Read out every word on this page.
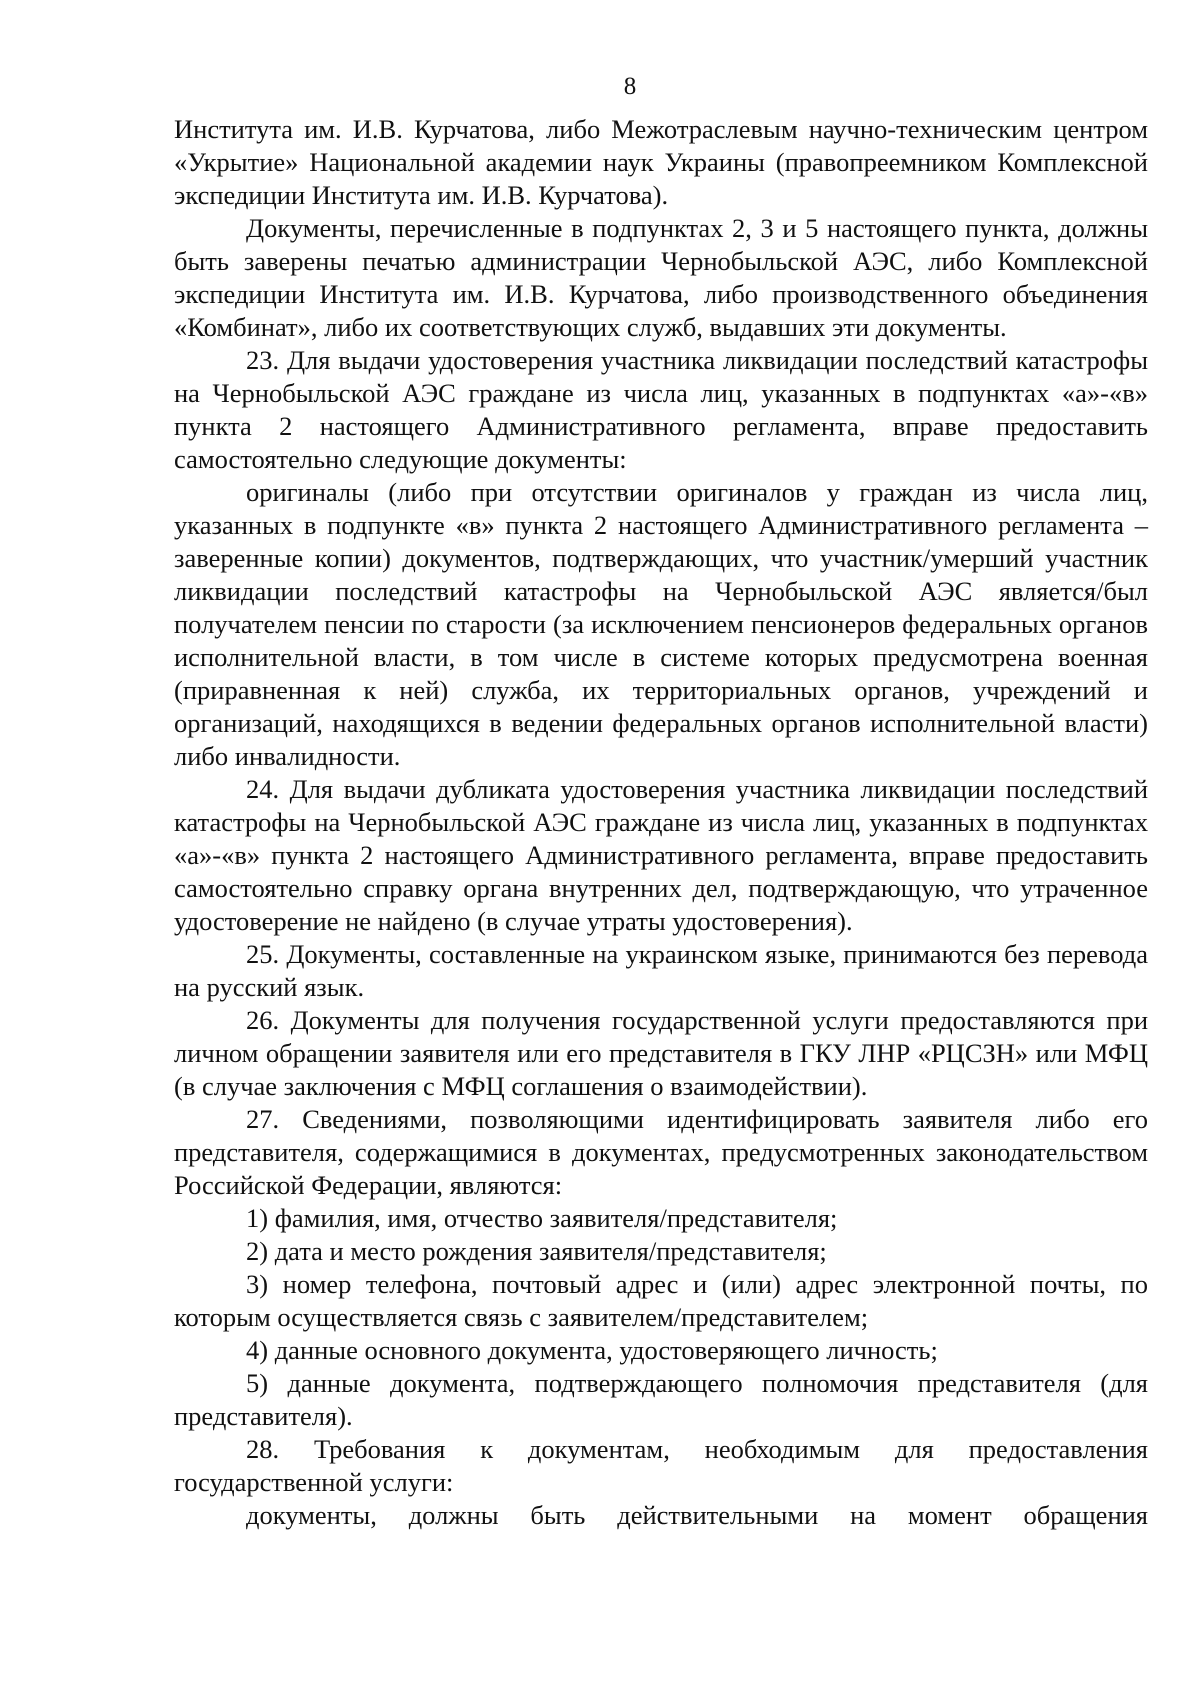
8

Института им. И.В. Курчатова, либо Межотраслевым научно-техническим центром «Укрытие» Национальной академии наук Украины (правопреемником Комплексной экспедиции Института им. И.В. Курчатова).

Документы, перечисленные в подпунктах 2, 3 и 5 настоящего пункта, должны быть заверены печатью администрации Чернобыльской АЭС, либо Комплексной экспедиции Института им. И.В. Курчатова, либо производственного объединения «Комбинат», либо их соответствующих служб, выдавших эти документы.

23. Для выдачи удостоверения участника ликвидации последствий катастрофы на Чернобыльской АЭС граждане из числа лиц, указанных в подпунктах «а»-«в» пункта 2 настоящего Административного регламента, вправе предоставить самостоятельно следующие документы:

оригиналы (либо при отсутствии оригиналов у граждан из числа лиц, указанных в подпункте «в» пункта 2 настоящего Административного регламента – заверенные копии) документов, подтверждающих, что участник/умерший участник ликвидации последствий катастрофы на Чернобыльской АЭС является/был получателем пенсии по старости (за исключением пенсионеров федеральных органов исполнительной власти, в том числе в системе которых предусмотрена военная (приравненная к ней) служба, их территориальных органов, учреждений и организаций, находящихся в ведении федеральных органов исполнительной власти) либо инвалидности.

24. Для выдачи дубликата удостоверения участника ликвидации последствий катастрофы на Чернобыльской АЭС граждане из числа лиц, указанных в подпунктах «а»-«в» пункта 2 настоящего Административного регламента, вправе предоставить самостоятельно справку органа внутренних дел, подтверждающую, что утраченное удостоверение не найдено (в случае утраты удостоверения).

25. Документы, составленные на украинском языке, принимаются без перевода на русский язык.

26. Документы для получения государственной услуги предоставляются при личном обращении заявителя или его представителя в ГКУ ЛНР «РЦСЗН» или МФЦ (в случае заключения с МФЦ соглашения о взаимодействии).

27. Сведениями, позволяющими идентифицировать заявителя либо его представителя, содержащимися в документах, предусмотренных законодательством Российской Федерации, являются:

1) фамилия, имя, отчество заявителя/представителя;

2) дата и место рождения заявителя/представителя;

3) номер телефона, почтовый адрес и (или) адрес электронной почты, по которым осуществляется связь с заявителем/представителем;

4) данные основного документа, удостоверяющего личность;

5) данные документа, подтверждающего полномочия представителя (для представителя).

28. Требования к документам, необходимым для предоставления государственной услуги:

документы, должны быть действительными на момент обращения
